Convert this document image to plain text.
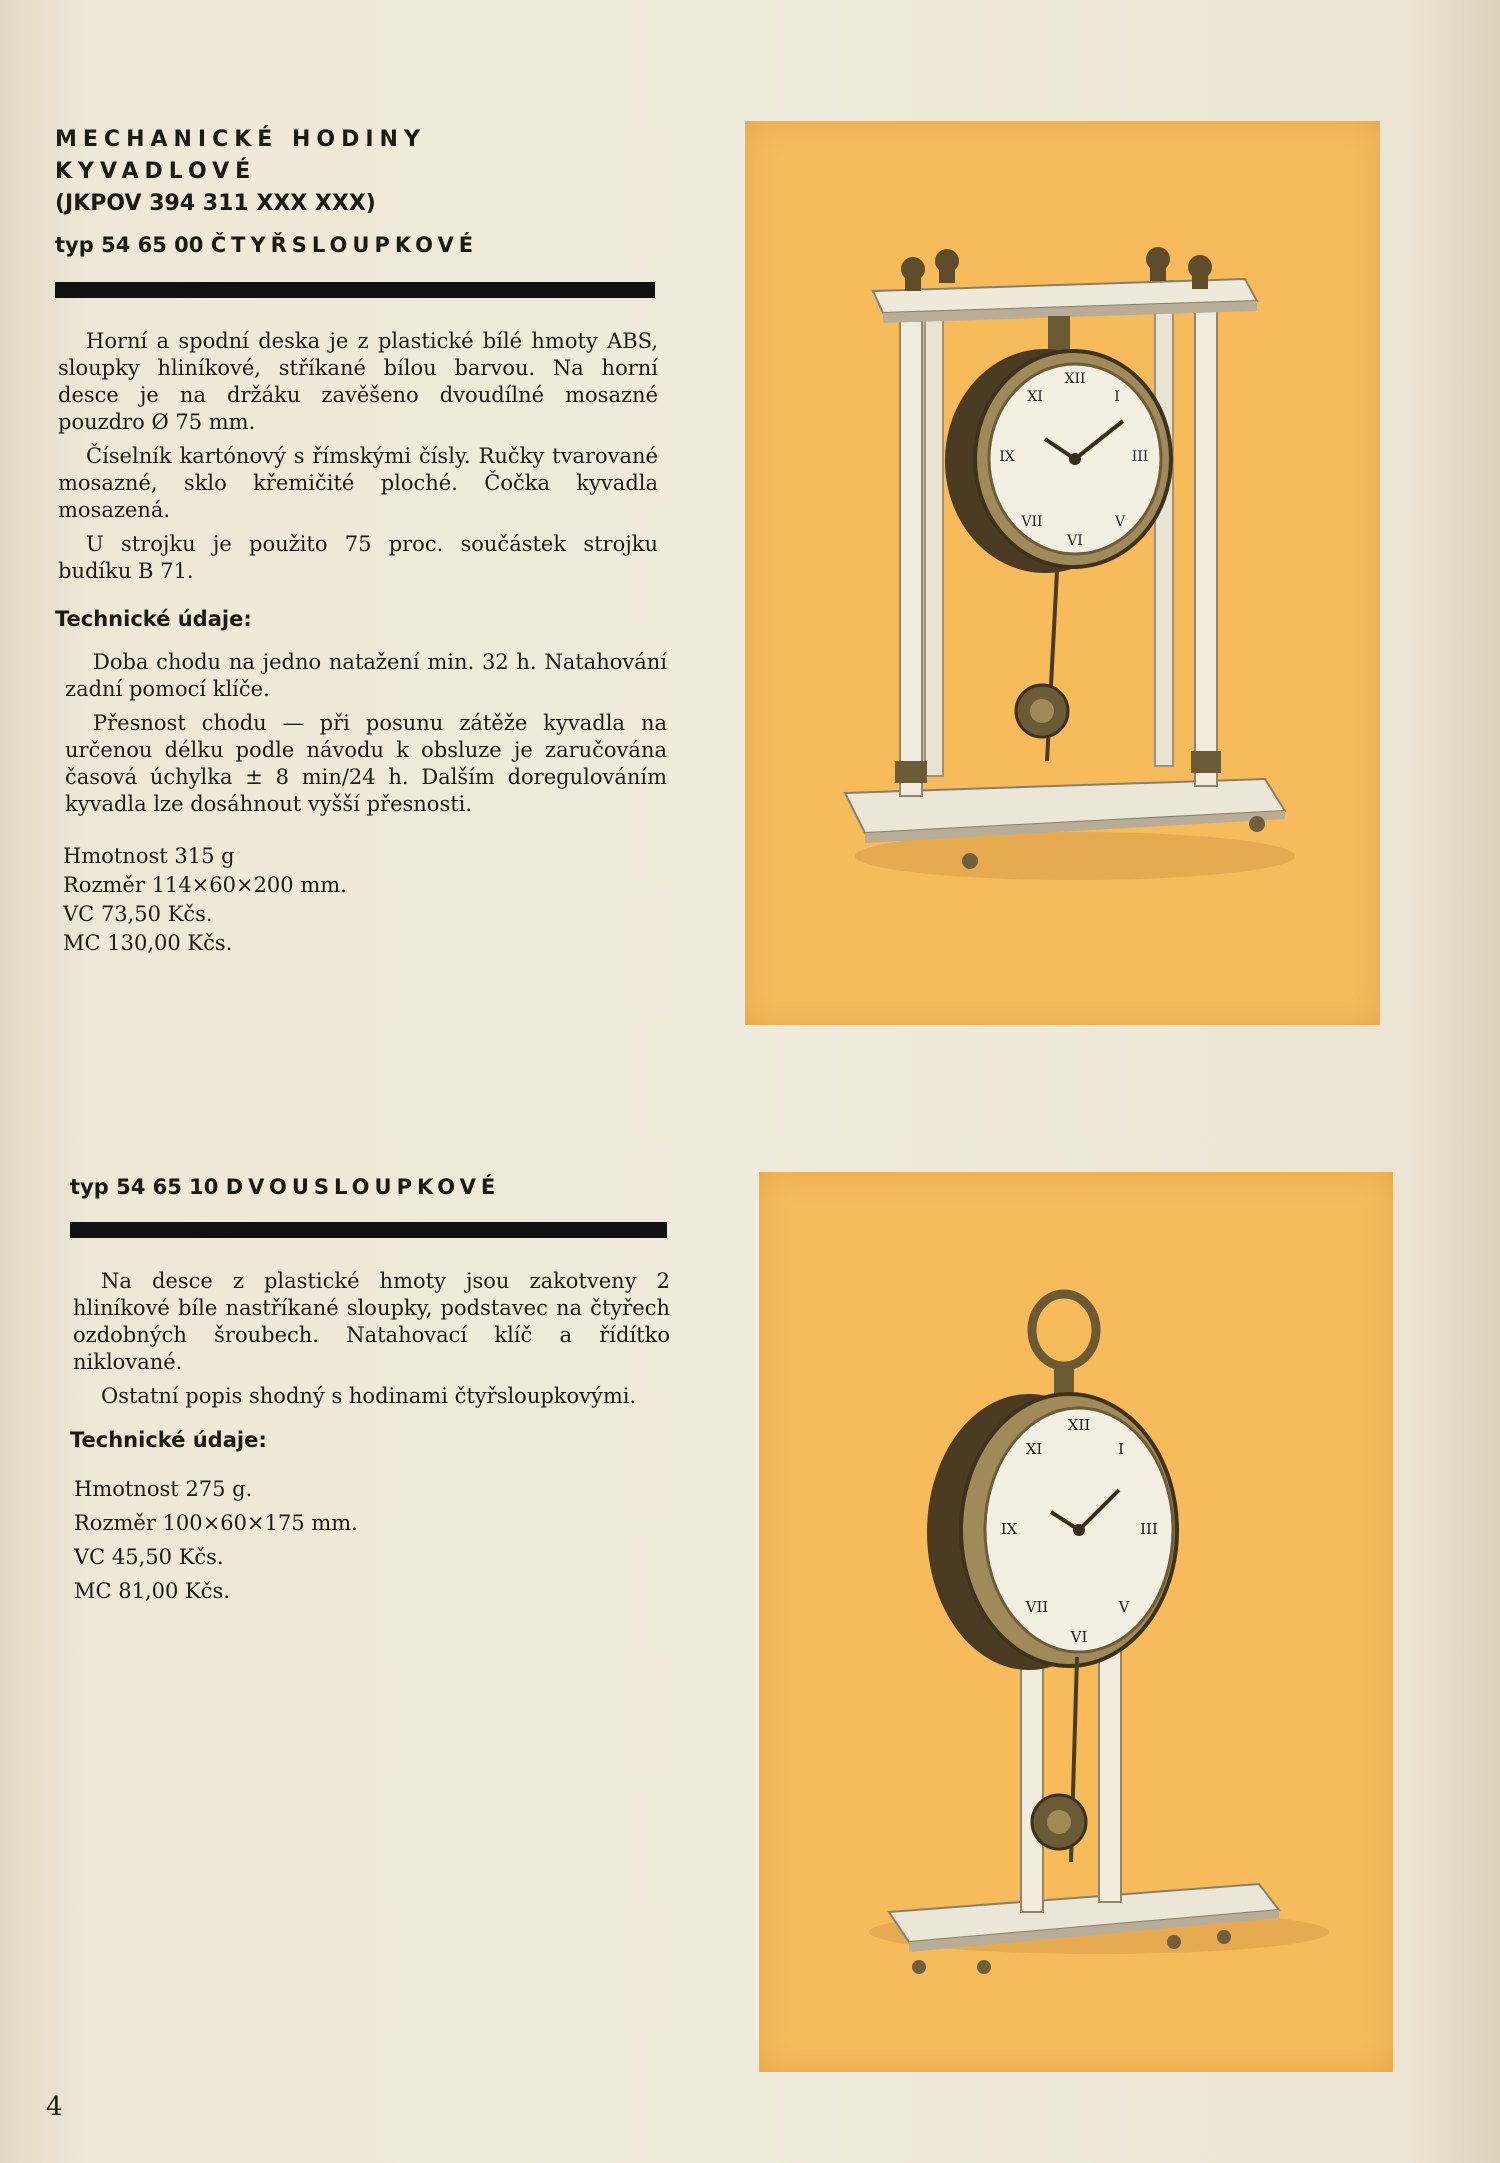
MECHANICKÉ HODINY
KYVADLOVÉ
(JKPOV 394 311 XXX XXX)
typ 54 65 00 ČTYŘSLOUPKOVÉ

Horní a spodní deska je z plastické bílé hmoty ABS, sloupky hliníkové, stříkané bílou barvou. Na horní desce je na držáku zavěšeno dvoudílné mosazné pouzdro Ø 75 mm.

Číselník kartónový s římskými čísly. Ručky tvarované mosazné, sklo křemičité ploché. Čočka kyvadla mosazená.

U strojku je použito 75 proc. součástek strojku budíku B 71.

Technické údaje:

Doba chodu na jedno natažení min. 32 h. Natahování zadní pomocí klíče.

Přesnost chodu — při posunu zátěže kyvadla na určenou délku podle návodu k obsluze je zaručována časová úchylka ± 8 min/24 h. Dalším doregulováním kyvadla lze dosáhnout vyšší přesnosti.

Hmotnost 315 g
Rozměr 114×60×200 mm.
VC 73,50 Kčs.
MC 130,00 Kčs.
XII
III
VI
IX
I
XI
V
VII
typ 54 65 10 DVOUSLOUPKOVÉ

Na desce z plastické hmoty jsou zakotveny 2 hliníkové bíle nastříkané sloupky, podstavec na čtyřech ozdobných šroubech. Natahovací klíč a řídítko niklované.

Ostatní popis shodný s hodinami čtyřsloupkovými.

Technické údaje:
Hmotnost 275 g.
Rozměr 100×60×175 mm.
VC 45,50 Kčs.
MC 81,00 Kčs.
XII
III
VI
IX
I
XI
V
VII
4
